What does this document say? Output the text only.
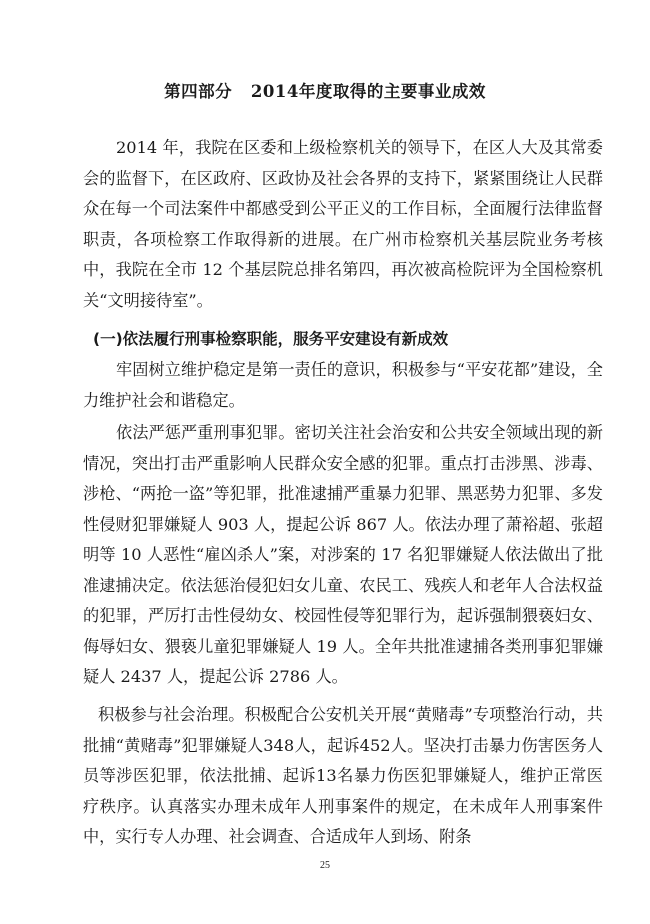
第四部分   2014年度取得的主要事业成效

2014 年，我院在区委和上级检察机关的领导下，在区人大及其常委会的监督下，在区政府、区政协及社会各界的支持下，紧紧围绕让人民群众在每一个司法案件中都感受到公平正义的工作目标，全面履行法律监督职责，各项检察工作取得新的进展。在广州市检察机关基层院业务考核中，我院在全市 12 个基层院总排名第四，再次被高检院评为全国检察机关“文明接待室”。

(一)依法履行刑事检察职能，服务平安建设有新成效

牢固树立维护稳定是第一责任的意识，积极参与“平安花都”建设，全力维护社会和谐稳定。

依法严惩严重刑事犯罪。密切关注社会治安和公共安全领域出现的新情况，突出打击严重影响人民群众安全感的犯罪。重点打击涉黑、涉毒、涉枪、“两抢一盗”等犯罪，批准逮捕严重暴力犯罪、黑恶势力犯罪、多发性侵财犯罪嫌疑人 903 人，提起公诉 867 人。依法办理了萧裕超、张超明等 10 人恶性“雇凶杀人”案，对涉案的 17 名犯罪嫌疑人依法做出了批准逮捕决定。依法惩治侵犯妇女儿童、农民工、残疾人和老年人合法权益的犯罪，严厉打击性侵幼女、校园性侵等犯罪行为，起诉强制猥亵妇女、侮辱妇女、猥亵儿童犯罪嫌疑人 19 人。全年共批准逮捕各类刑事犯罪嫌疑人 2437 人，提起公诉 2786 人。

积极参与社会治理。积极配合公安机关开展“黄赌毒”专项整治行动，共批捕“黄赌毒”犯罪嫌疑人348人，起诉452人。坚决打击暴力伤害医务人员等涉医犯罪，依法批捕、起诉13名暴力伤医犯罪嫌疑人，维护正常医疗秩序。认真落实办理未成年人刑事案件的规定，在未成年人刑事案件中，实行专人办理、社会调查、合适成年人到场、附条

25
